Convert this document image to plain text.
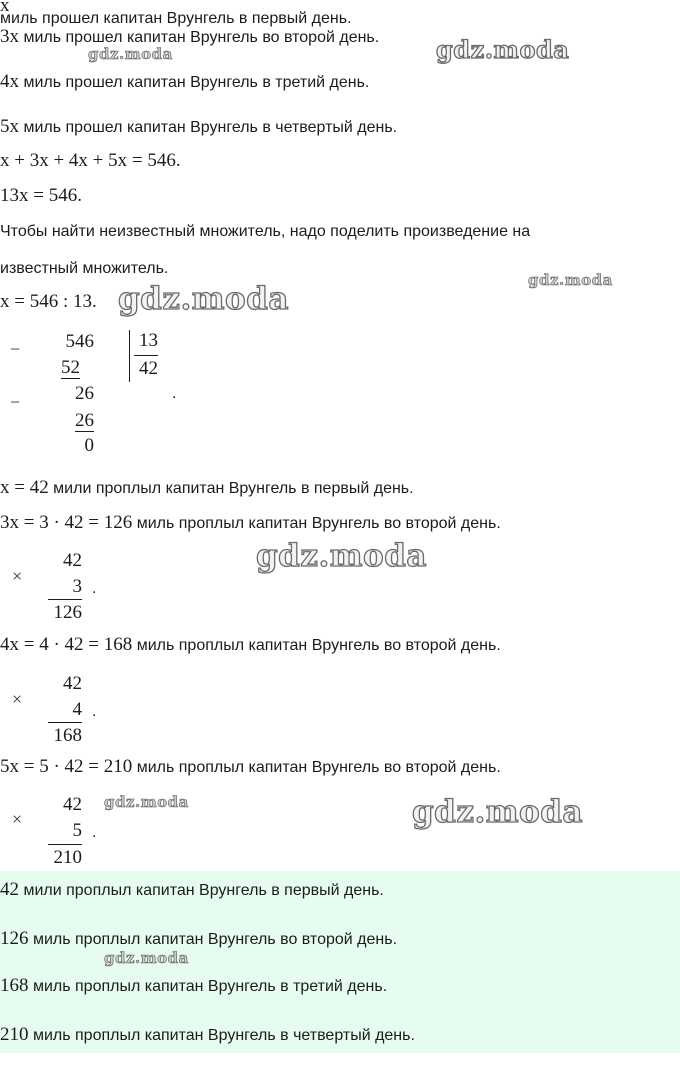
x
миль прошел капитан Врунгель в первый день.
3x миль прошел капитан Врунгель во второй день.
4x миль прошел капитан Врунгель в третий день.
5x миль прошел капитан Врунгель в четвертый день.
x + 3x + 4x + 5x = 546.
13x = 546.
Чтобы найти неизвестный множитель, надо поделить произведение на
известный множитель.
x = 546 : 13.
−	546
52
−	26
26
0
13
42
.
x = 42 мили проплыл капитан Врунгель в первый день.
3x = 3 · 42 = 126 миль проплыл капитан Врунгель во второй день.
×
42
3
126
.
4x = 4 · 42 = 168 миль проплыл капитан Врунгель во второй день.
×
42
4
168
.
5x = 5 · 42 = 210 миль проплыл капитан Врунгель во второй день.
×
42
5
210
.
42 мили проплыл капитан Врунгель в первый день.
126 миль проплыл капитан Врунгель во второй день.
168 миль проплыл капитан Врунгель в третий день.
210 миль проплыл капитан Врунгель в четвертый день.
gdz.moda	gdz.moda
gdz.moda
gdz.moda
gdz.moda
gdz.moda	gdz.moda
gdz.moda
